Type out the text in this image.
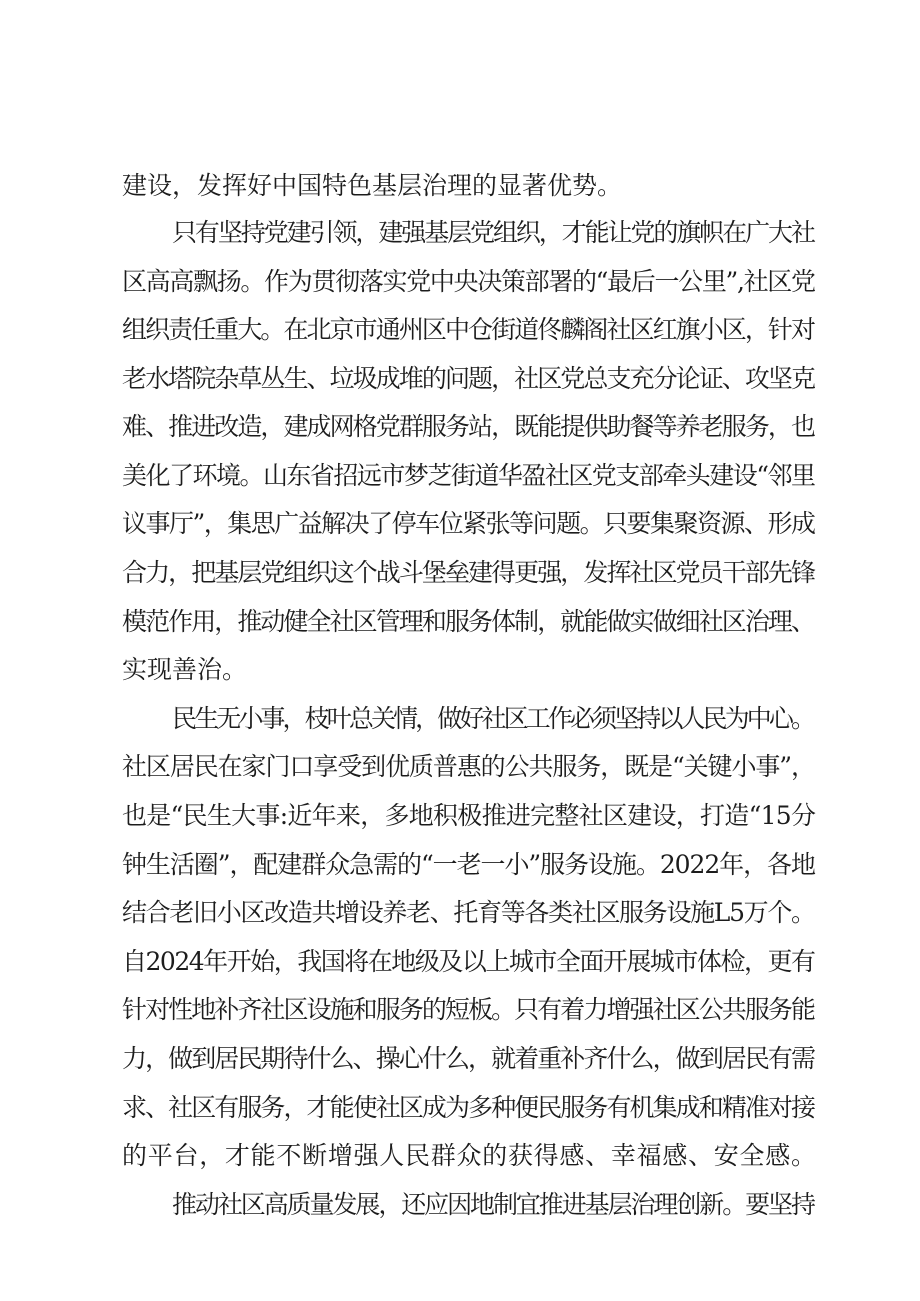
建设，发挥好中国特色基层治理的显著优势。
只有坚持党建引领，建强基层党组织，才能让党的旗帜在广大社
区高高飘扬。作为贯彻落实党中央决策部署的“最后一公里”,社区党
组织责任重大。在北京市通州区中仓街道佟麟阁社区红旗小区，针对
老水塔院杂草丛生、垃圾成堆的问题，社区党总支充分论证、攻坚克
难、推进改造，建成网格党群服务站，既能提供助餐等养老服务，也
美化了环境。山东省招远市梦芝街道华盈社区党支部牵头建设“邻里
议事厅”，集思广益解决了停车位紧张等问题。只要集聚资源、形成
合力，把基层党组织这个战斗堡垒建得更强，发挥社区党员干部先锋
模范作用，推动健全社区管理和服务体制，就能做实做细社区治理、
实现善治。
民生无小事，枝叶总关情，做好社区工作必须坚持以人民为中心。
社区居民在家门口享受到优质普惠的公共服务，既是“关键小事”，
也是“民生大事:近年来，多地积极推进完整社区建设，打造“15分
钟生活圈”，配建群众急需的“一老一小”服务设施。2022年，各地
结合老旧小区改造共增设养老、托育等各类社区服务设施L5万个。
自2024年开始，我国将在地级及以上城市全面开展城市体检，更有
针对性地补齐社区设施和服务的短板。只有着力增强社区公共服务能
力，做到居民期待什么、操心什么，就着重补齐什么，做到居民有需
求、社区有服务，才能使社区成为多种便民服务有机集成和精准对接
的平台，才能不断增强人民群众的获得感、幸福感、安全感。
推动社区高质量发展，还应因地制宜推进基层治理创新。要坚持
